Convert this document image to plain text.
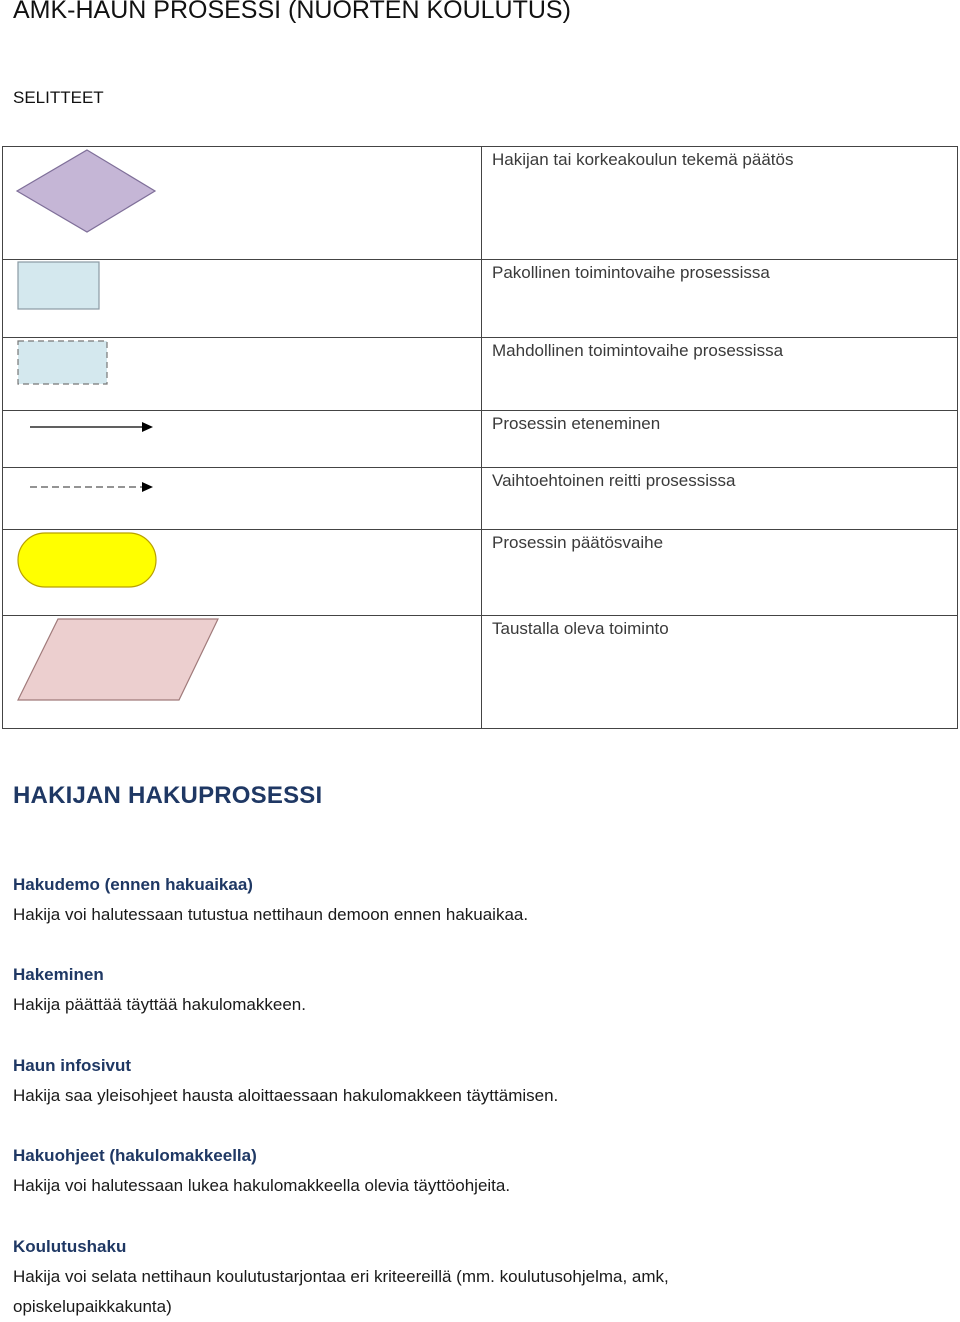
AMK-HAUN PROSESSI (NUORTEN KOULUTUS)
SELITTEET

Hakijan tai korkeakoulun tekemä päätös

Pakollinen toimintovaihe prosessissa

Mahdollinen toimintovaihe prosessissa

Prosessin eteneminen

Vaihtoehtoinen reitti prosessissa

Prosessin päätösvaihe

Taustalla oleva toiminto
HAKIJAN HAKUPROSESSI
Hakudemo (ennen hakuaikaa)
Hakija voi halutessaan tutustua nettihaun demoon ennen hakuaikaa.
Hakeminen
Hakija päättää täyttää hakulomakkeen.
Haun infosivut
Hakija saa yleisohjeet hausta aloittaessaan hakulomakkeen täyttämisen.
Hakuohjeet (hakulomakkeella)
Hakija voi halutessaan lukea hakulomakkeella olevia täyttöohjeita.
Koulutushaku
Hakija voi selata nettihaun koulutustarjontaa eri kriteereillä (mm. koulutusohjelma, amk, opiskelupaikkakunta)
